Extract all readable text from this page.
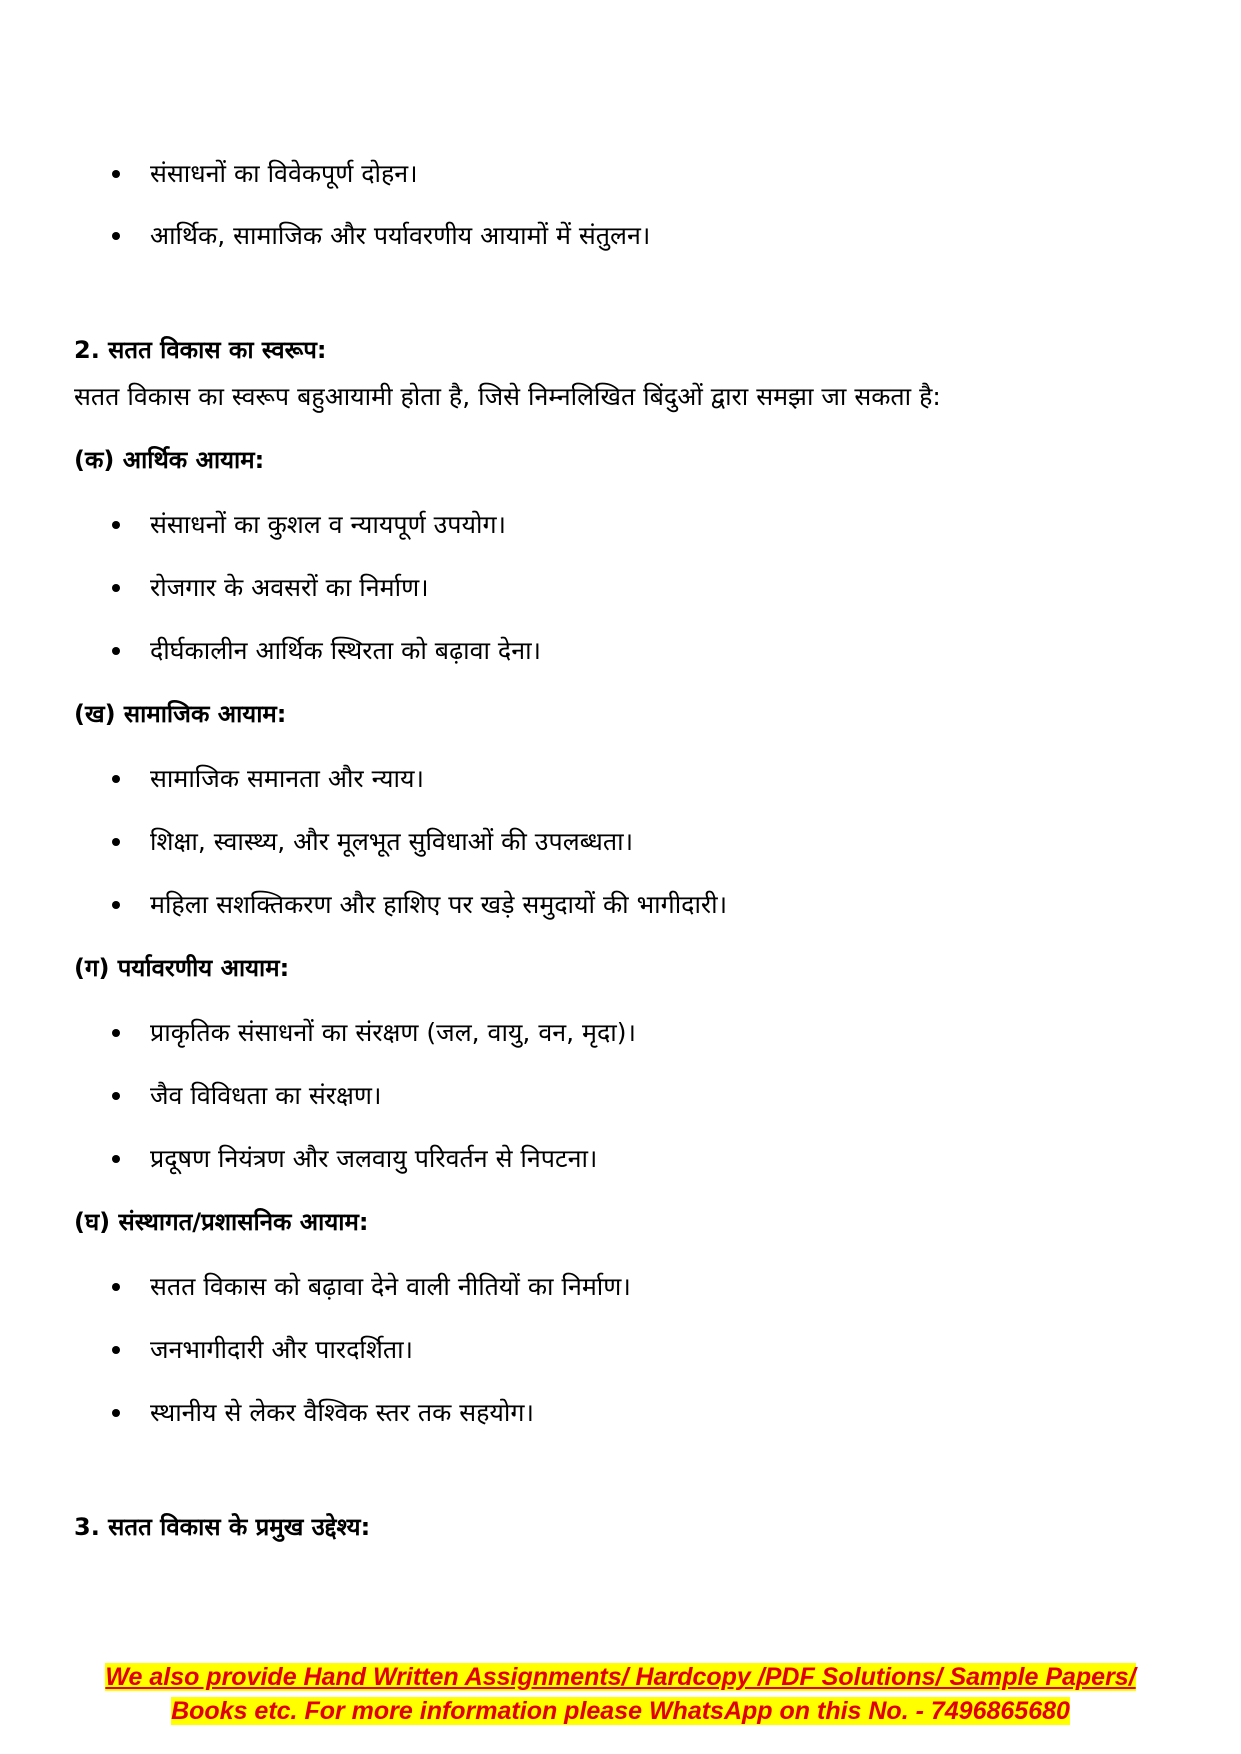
संसाधनों का विवेकपूर्ण दोहन।
आर्थिक, सामाजिक और पर्यावरणीय आयामों में संतुलन।
2. सतत विकास का स्वरूप:
सतत विकास का स्वरूप बहुआयामी होता है, जिसे निम्नलिखित बिंदुओं द्वारा समझा जा सकता है:
(क) आर्थिक आयाम:
संसाधनों का कुशल व न्यायपूर्ण उपयोग।
रोजगार के अवसरों का निर्माण।
दीर्घकालीन आर्थिक स्थिरता को बढ़ावा देना।
(ख) सामाजिक आयाम:
सामाजिक समानता और न्याय।
शिक्षा, स्वास्थ्य, और मूलभूत सुविधाओं की उपलब्धता।
महिला सशक्तिकरण और हाशिए पर खड़े समुदायों की भागीदारी।
(ग) पर्यावरणीय आयाम:
प्राकृतिक संसाधनों का संरक्षण (जल, वायु, वन, मृदा)।
जैव विविधता का संरक्षण।
प्रदूषण नियंत्रण और जलवायु परिवर्तन से निपटना।
(घ) संस्थागत/प्रशासनिक आयाम:
सतत विकास को बढ़ावा देने वाली नीतियों का निर्माण।
जनभागीदारी और पारदर्शिता।
स्थानीय से लेकर वैश्विक स्तर तक सहयोग।
3. सतत विकास के प्रमुख उद्देश्य:
We also provide Hand Written Assignments/ Hardcopy /PDF Solutions/ Sample Papers/
Books etc. For more information please WhatsApp on this No. - 7496865680
